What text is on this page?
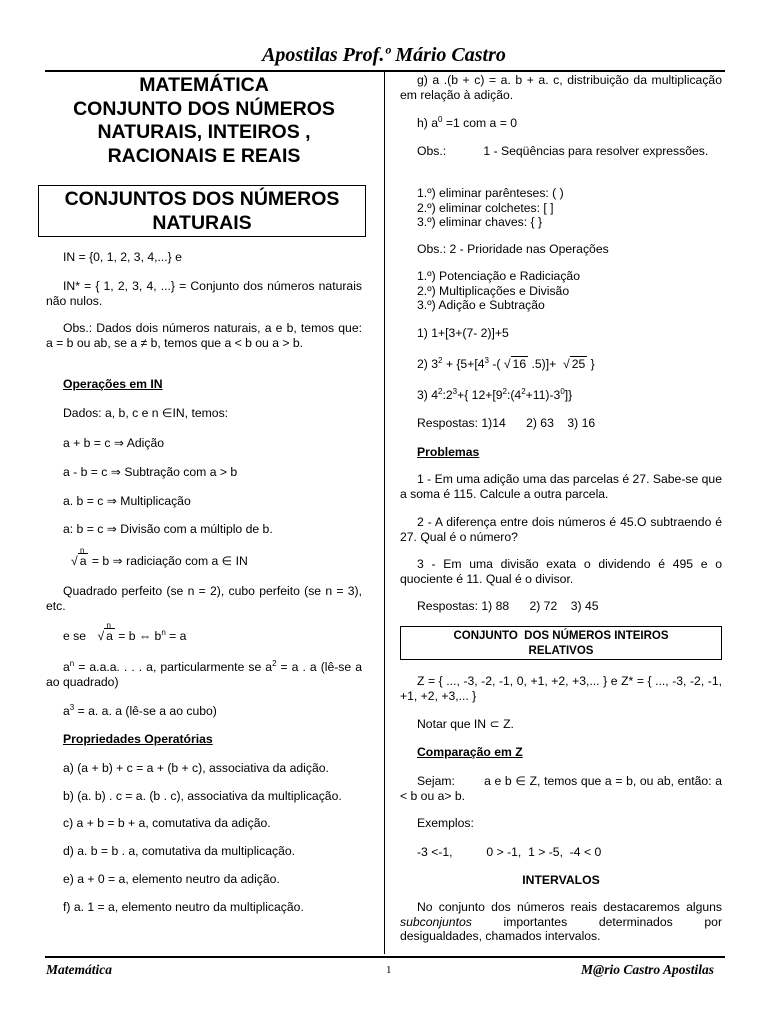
Apostilas Prof.º Mário Castro
MATEMÁTICA
CONJUNTO DOS NÚMEROS
NATURAIS, INTEIROS ,
RACIONAIS E REAIS
CONJUNTOS DOS NÚMEROS
NATURAIS
IN = {0, 1, 2, 3, 4,...} e
IN* = { 1, 2, 3, 4, ...} = Conjunto dos números naturais não nulos.
Obs.: Dados dois números naturais, a e b, temos que: a = b ou ab, se a ≠ b, temos que a < b ou a > b.
Operações em IN
Dados: a, b, c e n ∈IN, temos:
a + b = c ⇒ Adição
a - b = c ⇒ Subtração com a > b
a. b = c ⇒ Multiplicação
a: b = c ⇒ Divisão com a múltiplo de b.
n
√ a = b ⇒ radiciação com a ∈ IN
Quadrado perfeito (se n = 2), cubo perfeito (se n = 3), etc.
e se
n
√ a = b ⇔ $b^n = a$
$a^n = a.a.a$. . . . a, particularmente se $a^2 = a$ . a (lê-se a ao quadrado)
$a^3 = a$. a. a (lê-se a ao cubo)
Propriedades Operatórias
a) (a + b) + c = a + (b + c), associativa da adição.
b) (a. b) . c = a. (b . c), associativa da multiplicação.
c) a + b = b + a, comutativa da adição.
d) a. b = b . a, comutativa da multiplicação.
e) a + 0 = a, elemento neutro da adição.
f) a. 1 = a, elemento neutro da multiplicação.
g) a .(b + c) = a. b + a. c, distribuição da multiplicação em relação à adição.
h) $a^0 =1$ com a = 0
Obs.:           1 - Seqüências para resolver expressões.
1.º) eliminar parênteses: ( )
2.º) eliminar colchetes: [ ]
3.º) eliminar chaves: { }
Obs.: 2 - Prioridade nas Operações
1.º) Potenciação e Radiciação
2.º) Multiplicações e Divisão
3.º) Adição e Subtração
1) 1+[3+(7- 2)]+5
2) $3^2 + \{5+[4^3$ -( √ 16 .5)]+  √ 25 }
3) $4^2:2^3+${ $12+[9^2:(4^2+11)-3^0]$}
Respostas: 1)14      2) 63    3) 16
Problemas
1 - Em uma adição uma das parcelas é 27. Sabe-se que a soma é 115. Calcule a outra parcela.
2 - A diferença entre dois números é 45.O subtraendo é 27. Qual é o número?
3 - Em uma divisão exata o dividendo é 495 e o quociente é 11. Qual é o divisor.
Respostas: 1) 88      2) 72    3) 45
CONJUNTO  DOS NÚMEROS INTEIROS
RELATIVOS
Z = { ..., -3, -2, -1, 0, +1, +2, +3,... } e Z* = { ..., -3, -2, -1, +1, +2, +3,... }
Notar que IN ⊂ Z.
Comparação em Z
Sejam:        a e b ∈ Z, temos que a = b, ou ab, então: a < b ou a> b.
Exemplos:
-3 <-1,          0 > -1,  1 > -5,  -4 < 0
INTERVALOS
No conjunto dos números reais destacaremos alguns subconjuntos importantes determinados por desigualdades, chamados intervalos.
Matemática	1	M@rio Castro Apostilas
